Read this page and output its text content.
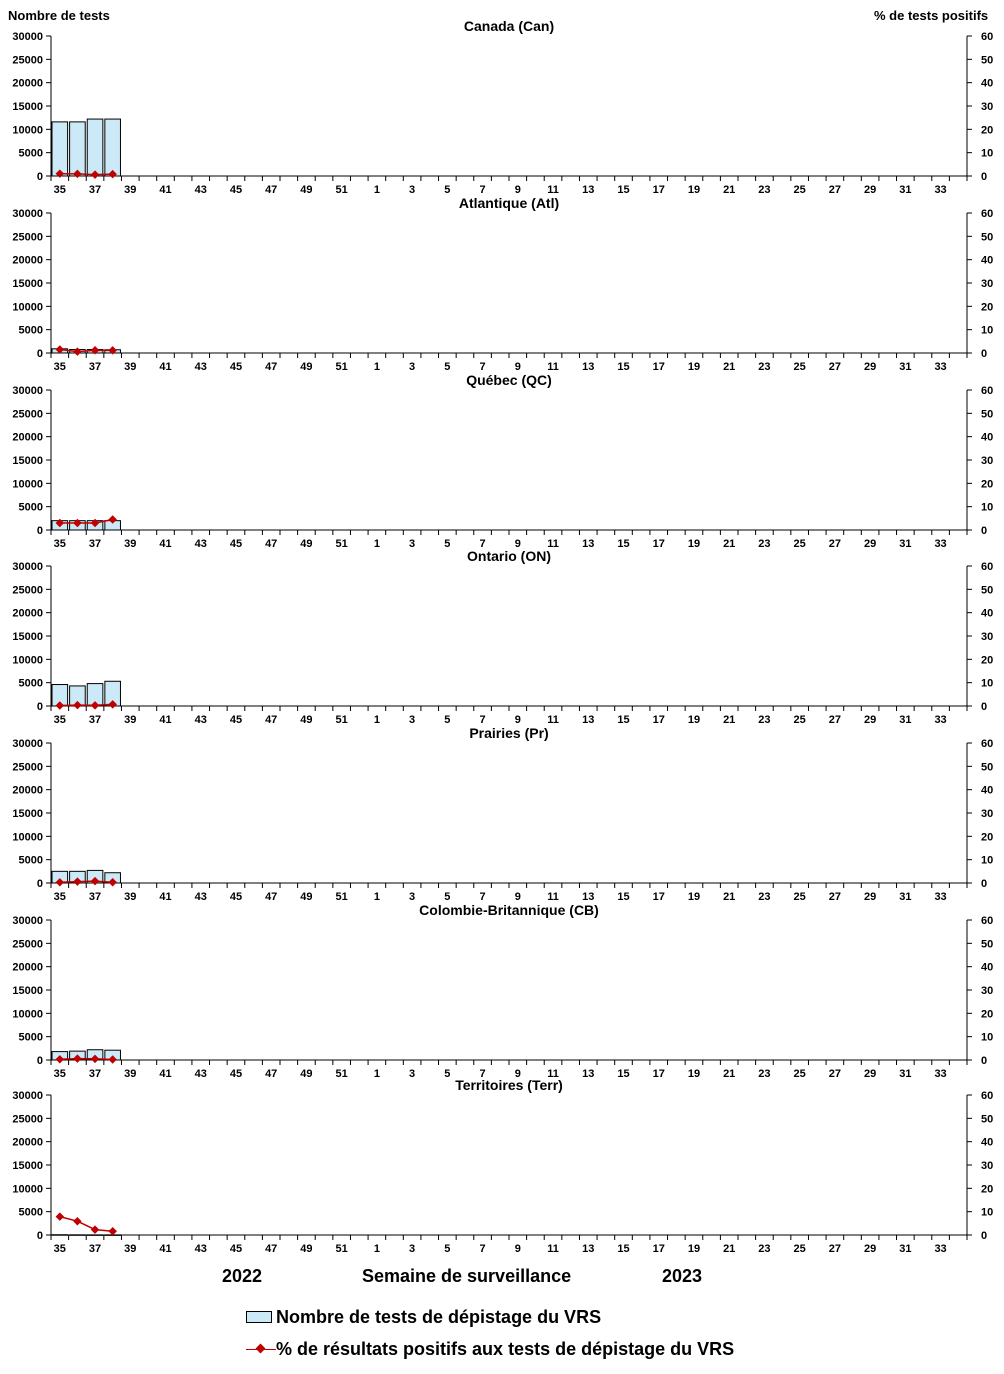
Nombre de tests	% de tests positifs
Canada (Can)
0	0
5000	10
10000	20
15000	30
20000	40
25000	50
30000	60
35 37 39 41 43 45 47 49 51 1	3	5	7	9 11 13 15 17 19 21 23 25 27 29 31 33
Atlantique (Atl)
0	0
5000	10
10000	20
15000	30
20000	40
25000	50
30000	60
35 37 39 41 43 45 47 49 51 1	3	5	7	9 11 13 15 17 19 21 23 25 27 29 31 33
Québec (QC)
0	0
5000	10
10000	20
15000	30
20000	40
25000	50
30000	60
35 37 39 41 43 45 47 49 51 1	3	5	7	9 11 13 15 17 19 21 23 25 27 29 31 33
Ontario (ON)
0	0
5000	10
10000	20
15000	30
20000	40
25000	50
30000	60
35 37 39 41 43 45 47 49 51 1	3	5	7	9 11 13 15 17 19 21 23 25 27 29 31 33
Prairies (Pr)
0	0
5000	10
10000	20
15000	30
20000	40
25000	50
30000	60
35 37 39 41 43 45 47 49 51 1	3	5	7	9 11 13 15 17 19 21 23 25 27 29 31 33
Colombie-Britannique (CB)
0	0
5000	10
10000	20
15000	30
20000	40
25000	50
30000	60
35 37 39 41 43 45 47 49 51 1	3	5	7	9 11 13 15 17 19 21 23 25 27 29 31 33
Territoires (Terr)
0	0
5000	10
10000	20
15000	30
20000	40
25000	50
30000	60
35 37 39 41 43 45 47 49 51 1	3	5	7	9 11 13 15 17 19 21 23 25 27 29 31 33
2022	Semaine de surveillance	2023
Nombre de tests de dépistage du VRS
% de résultats positifs aux tests de dépistage du VRS
